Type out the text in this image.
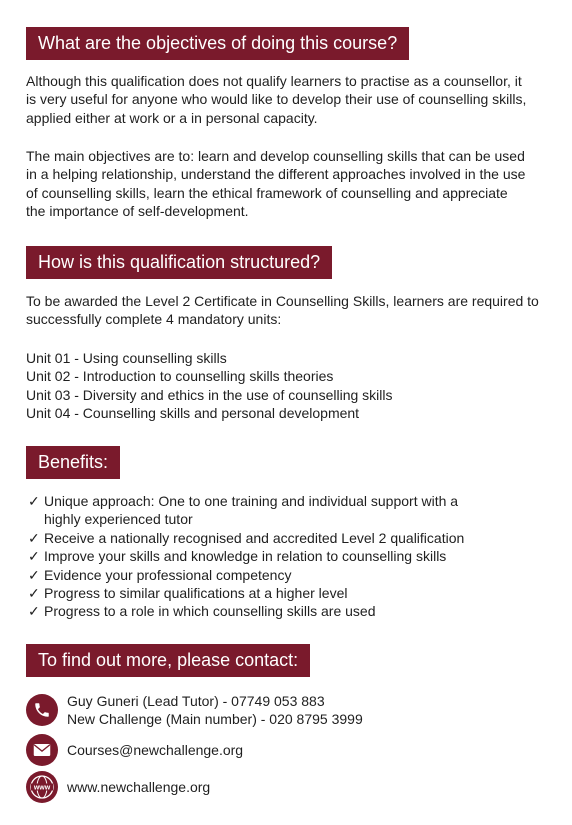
What are the objectives of doing this course?
Although this qualification does not qualify learners to practise as a counsellor, it
is very useful for anyone who would like to develop their use of counselling skills,
applied either at work or a in personal capacity.
The main objectives are to: learn and develop counselling skills that can be used
in a helping relationship, understand the different approaches involved in the use
of counselling skills, learn the ethical framework of counselling and appreciate
the importance of self-development.
How is this qualification structured?
To be awarded the Level 2 Certificate in Counselling Skills, learners are required to
successfully complete 4 mandatory units:
Unit 01 - Using counselling skills
Unit 02 - Introduction to counselling skills theories
Unit 03 - Diversity and ethics in the use of counselling skills
Unit 04 - Counselling skills and personal development
Benefits:
✓ Unique approach: One to one training and individual support with a
highly experienced tutor
✓ Receive a nationally recognised and accredited Level 2 qualification
✓ Improve your skills and knowledge in relation to counselling skills
✓ Evidence your professional competency
✓ Progress to similar qualifications at a higher level
✓ Progress to a role in which counselling skills are used
To find out more, please contact:
Guy Guneri (Lead Tutor) - 07749 053 883
New Challenge (Main number) - 020 8795 3999
Courses@newchallenge.org
www www.newchallenge.org
